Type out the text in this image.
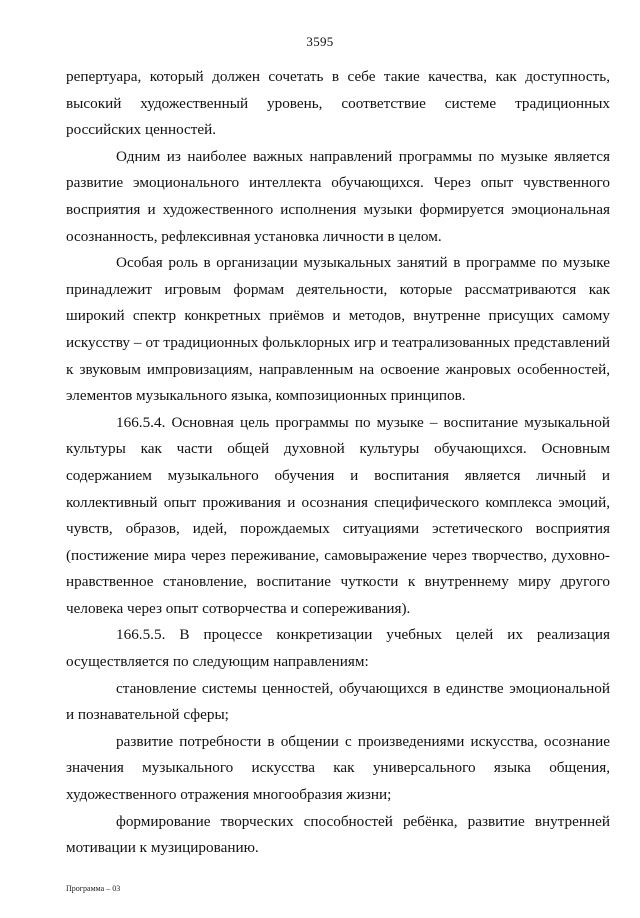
3595

репертуара, который должен сочетать в себе такие качества, как доступность, высокий художественный уровень, соответствие системе традиционных российских ценностей.

Одним из наиболее важных направлений программы по музыке является развитие эмоционального интеллекта обучающихся. Через опыт чувственного восприятия и художественного исполнения музыки формируется эмоциональная осознанность, рефлексивная установка личности в целом.

Особая роль в организации музыкальных занятий в программе по музыке принадлежит игровым формам деятельности, которые рассматриваются как широкий спектр конкретных приёмов и методов, внутренне присущих самому искусству – от традиционных фольклорных игр и театрализованных представлений к звуковым импровизациям, направленным на освоение жанровых особенностей, элементов музыкального языка, композиционных принципов.

166.5.4. Основная цель программы по музыке – воспитание музыкальной культуры как части общей духовной культуры обучающихся. Основным содержанием музыкального обучения и воспитания является личный и коллективный опыт проживания и осознания специфического комплекса эмоций, чувств, образов, идей, порождаемых ситуациями эстетического восприятия (постижение мира через переживание, самовыражение через творчество, духовно-нравственное становление, воспитание чуткости к внутреннему миру другого человека через опыт сотворчества и сопереживания).

166.5.5. В процессе конкретизации учебных целей их реализация осуществляется по следующим направлениям:

становление системы ценностей, обучающихся в единстве эмоциональной и познавательной сферы;

развитие потребности в общении с произведениями искусства, осознание значения музыкального искусства как универсального языка общения, художественного отражения многообразия жизни;

формирование творческих способностей ребёнка, развитие внутренней мотивации к музицированию.

Программа – 03
